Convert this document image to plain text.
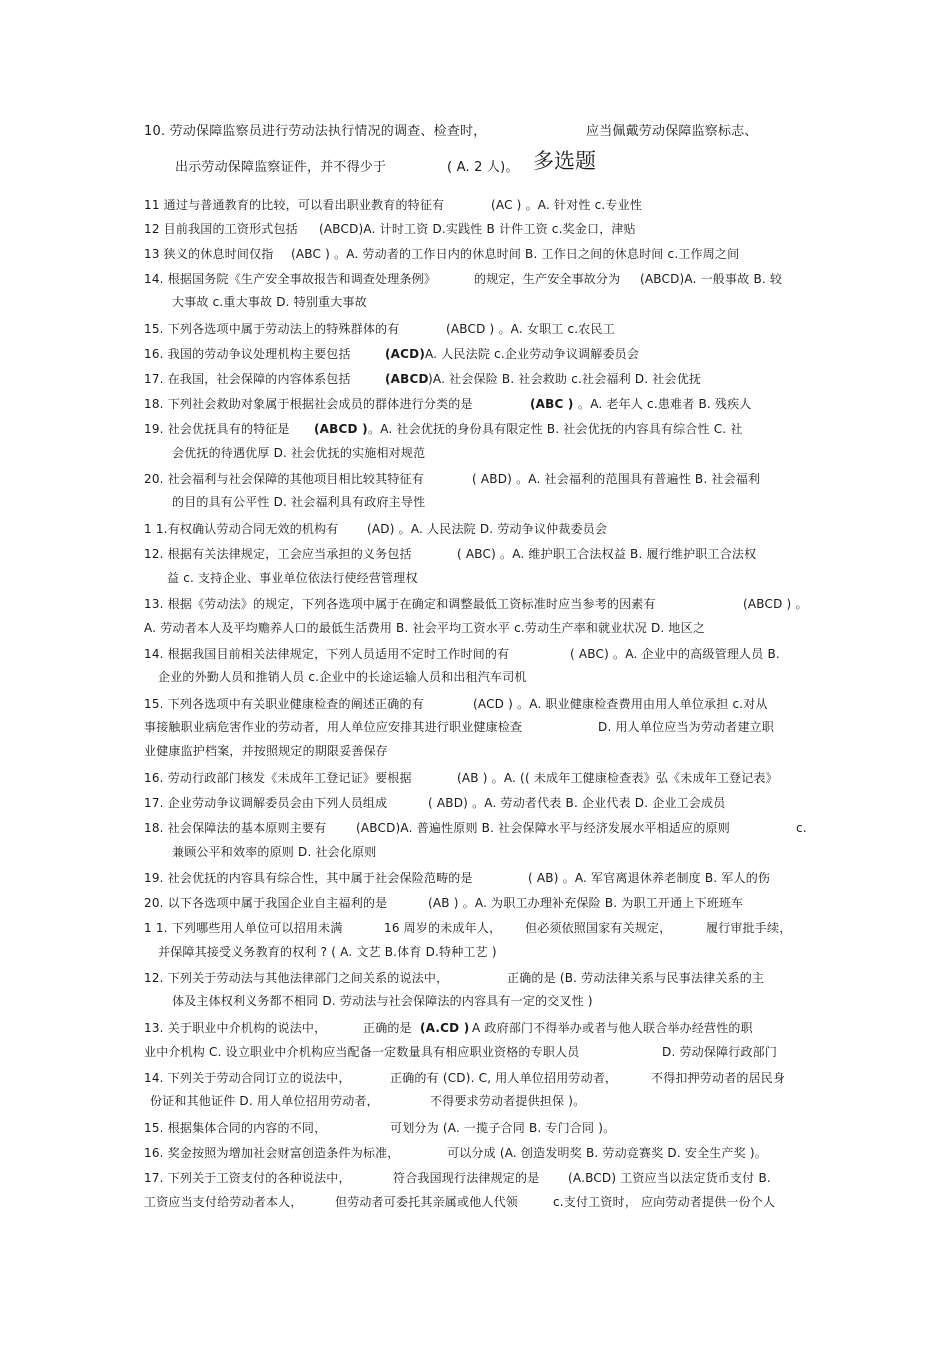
10. 劳动保障监察员进行劳动法执行情况的调查、检查时，	应当佩戴劳动保障监察标志、
出示劳动保障监察证件，并不得少于	( A. 2 人)。 多选题
11 通过与普通教育的比较，可以看出职业教育的特征有	(AC ) 。A. 针对性 c.专业性
12 目前我国的工资形式包括 (ABCD)A. 计时工资 D.实践性 B 计件工资 c.奖金口，津贴
13 狭义的休息时间仅指 (ABC ) 。A. 劳动者的工作日内的休息时间 B. 工作日之间的休息时间 c.工作周之间
14. 根据国务院《生产安全事故报告和调查处理条例》	的规定，生产安全事故分为 (ABCD)A. 一般事故 B. 较
大事故 c.重大事故 D. 特别重大事故
15. 下列各选项中属于劳动法上的特殊群体的有	(ABCD ) 。A. 女职工 c.农民工
16. 我国的劳动争议处理机构主要包括	(ACD) A. 人民法院 c.企业劳动争议调解委员会
17. 在我国，社会保障的内容体系包括	(ABCD )A. 社会保险 B. 社会救助 c.社会福利 D. 社会优抚
18. 下列社会救助对象属于根据社会成员的群体进行分类的是	(ABC ) 。A. 老年人 c.患难者 B. 残疾人
19. 社会优抚具有的特征是 (ABCD ) 。A. 社会优抚的身份具有限定性 B. 社会优抚的内容具有综合性 C. 社
会优抚的待遇优厚 D. 社会优抚的实施相对规范
20. 社会福利与社会保障的其他项目相比较其特征有	( ABD) 。A. 社会福利的范围具有普遍性 B. 社会福利
的目的具有公平性 D. 社会福利具有政府主导性
1 1.有权确认劳动合同无效的机构有 (AD) 。A. 人民法院 D. 劳动争议仲裁委员会
12. 根据有关法律规定，工会应当承担的义务包括	( ABC) 。A. 维护职工合法权益 B. 履行维护职工合法权
益 c. 支持企业、事业单位依法行使经营管理权
13. 根据《劳动法》的规定，下列各选项中属于在确定和调整最低工资标准时应当参考的因素有	(ABCD ) 。
A. 劳动者本人及平均赡养人口的最低生活费用 B. 社会平均工资水平 c.劳动生产率和就业状况 D. 地区之
14. 根据我国目前相关法律规定，下列人员适用不定时工作时间的有	( ABC) 。A. 企业中的高级管理人员 B.
企业的外勤人员和推销人员 c.企业中的长途运输人员和出租汽车司机
15. 下列各选项中有关职业健康检查的阐述正确的有	(ACD ) 。A. 职业健康检查费用由用人单位承担 c.对从
事接触职业病危害作业的劳动者，用人单位应安排其进行职业健康检查	D. 用人单位应当为劳动者建立职
业健康监护档案，并按照规定的期限妥善保存
16. 劳动行政部门核发《未成年工登记证》要根据	(AB ) 。A. (( 未成年工健康检查表》弘《未成年工登记表》
17. 企业劳动争议调解委员会由下列人员组成	( ABD) 。A. 劳动者代表 B. 企业代表 D. 企业工会成员
18. 社会保障法的基本原则主要有 (ABCD)A. 普遍性原则 B. 社会保障水平与经济发展水平相适应的原则	c.
兼顾公平和效率的原则 D. 社会化原则
19. 社会优抚的内容具有综合性，其中属于社会保险范畴的是	( AB) 。A. 军官离退休养老制度 B. 军人的伤
20. 以下各选项中属于我国企业自主福利的是	(AB ) 。A. 为职工办理补充保险 B. 为职工开通上下班班车
1 1. 下列哪些用人单位可以招用未满	16 周岁的未成年人， 但必须依照国家有关规定，	履行审批手续，
并保障其接受义务教育的权利 ? ( A. 文艺 B.体育 D.特种工艺 )
12. 下列关于劳动法与其他法律部门之间关系的说法中，	正确的是 (B. 劳动法律关系与民事法律关系的主
体及主体权利义务都不相同 D. 劳动法与社会保障法的内容具有一定的交叉性 )
13. 关于职业中介机构的说法中，	正确的是 (A.CD ) A 政府部门不得举办或者与他人联合举办经营性的职
业中介机构 C. 设立职业中介机构应当配备一定数量具有相应职业资格的专职人员	D. 劳动保障行政部门
14. 下列关于劳动合同订立的说法中，	正确的有 (CD). C, 用人单位招用劳动者，	不得扣押劳动者的居民身
份证和其他证件 D. 用人单位招用劳动者，	不得要求劳动者提供担保 )。
15. 根据集体合同的内容的不同，	可划分为 (A. 一揽子合同 B. 专门合同 )。
16. 奖金按照为增加社会财富创造条件为标准，	可以分成 (A. 创造发明奖 B. 劳动竞赛奖 D. 安全生产奖 )。
17. 下列关于工资支付的各种说法中，	符合我国现行法律规定的是 (A.BCD) 工资应当以法定货币支付 B.
工资应当支付给劳动者本人，	但劳动者可委托其亲属或他人代领	c.支付工资时， 应向劳动者提供一份个人
